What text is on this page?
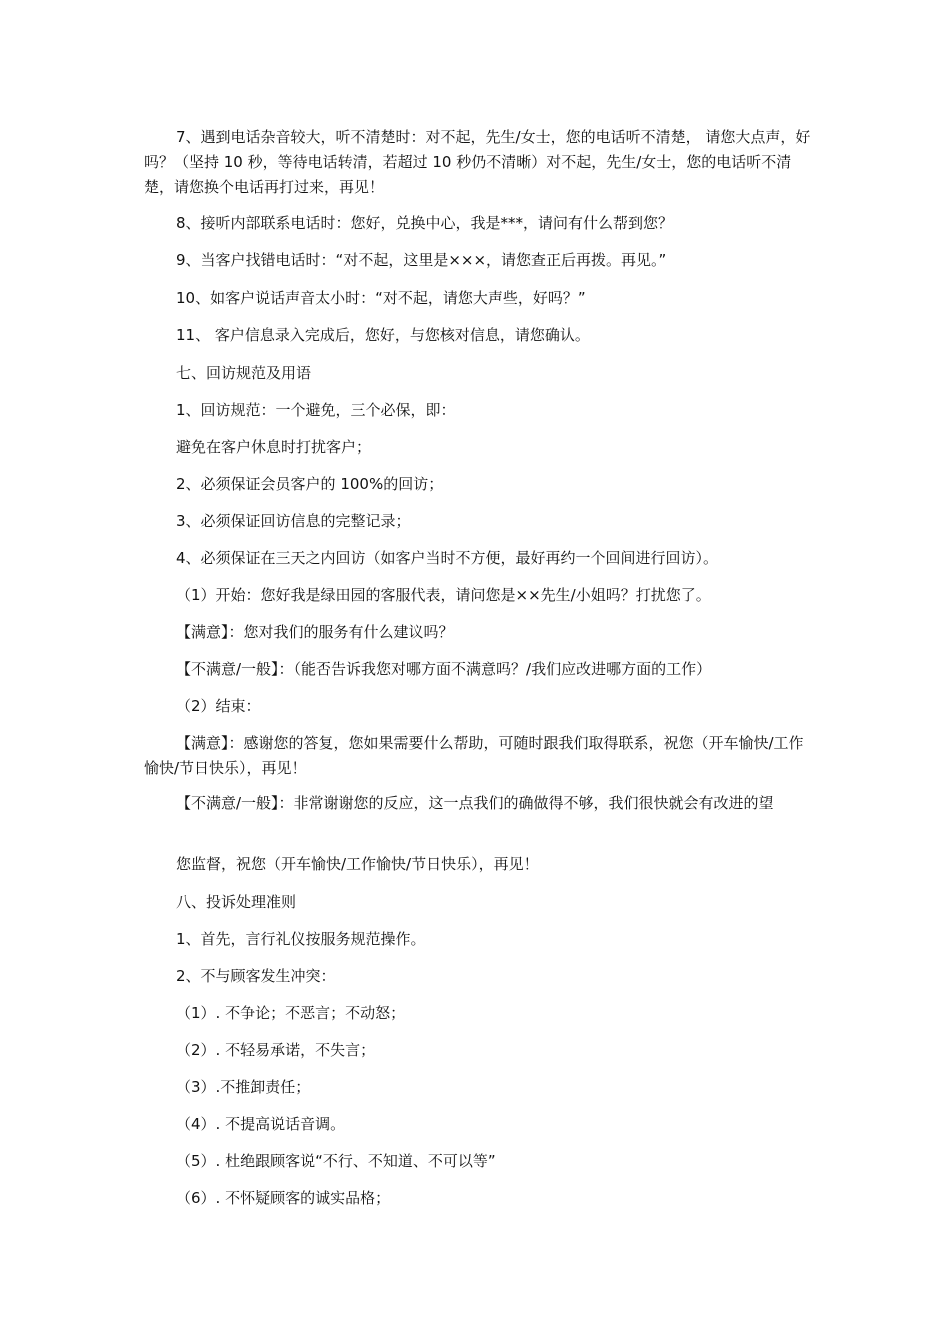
7、遇到电话杂音较大，听不清楚时：对不起，先生/女士，您的电话听不清楚， 请您大点声，好吗？（坚持 10 秒，等待电话转清，若超过 10 秒仍不清晰）对不起，先生/女士，您的电话听不清楚，请您换个电话再打过来，再见！
8、接听内部联系电话时：您好，兑换中心，我是***，请问有什么帮到您？
9、当客户找错电话时：“对不起，这里是×××，请您查正后再拨。再见。”
10、如客户说话声音太小时：“对不起，请您大声些，好吗？”
11、 客户信息录入完成后，您好，与您核对信息，请您确认。
七、回访规范及用语
1、回访规范：一个避免，三个必保，即：
避免在客户休息时打扰客户；
2、必须保证会员客户的 100%的回访；
3、必须保证回访信息的完整记录；
4、必须保证在三天之内回访（如客户当时不方便，最好再约一个回间进行回访）。
（1）开始：您好我是绿田园的客服代表，请问您是××先生/小姐吗？打扰您了。
【满意】：您对我们的服务有什么建议吗？
【不满意/一般】：（能否告诉我您对哪方面不满意吗？/我们应改进哪方面的工作）
（2）结束：
【满意】：感谢您的答复，您如果需要什么帮助，可随时跟我们取得联系，祝您（开车愉快/工作愉快/节日快乐），再见！
【不满意/一般】：非常谢谢您的反应，这一点我们的确做得不够，我们很快就会有改进的望
您监督，祝您（开车愉快/工作愉快/节日快乐），再见！
八、投诉处理准则
1、首先，言行礼仪按服务规范操作。
2、不与顾客发生冲突：
（1）. 不争论；不恶言；不动怒；
（2）. 不轻易承诺，不失言；
（3）.不推卸责任；
（4）. 不提高说话音调。
（5）. 杜绝跟顾客说“不行、不知道、不可以等”
（6）. 不怀疑顾客的诚实品格；
